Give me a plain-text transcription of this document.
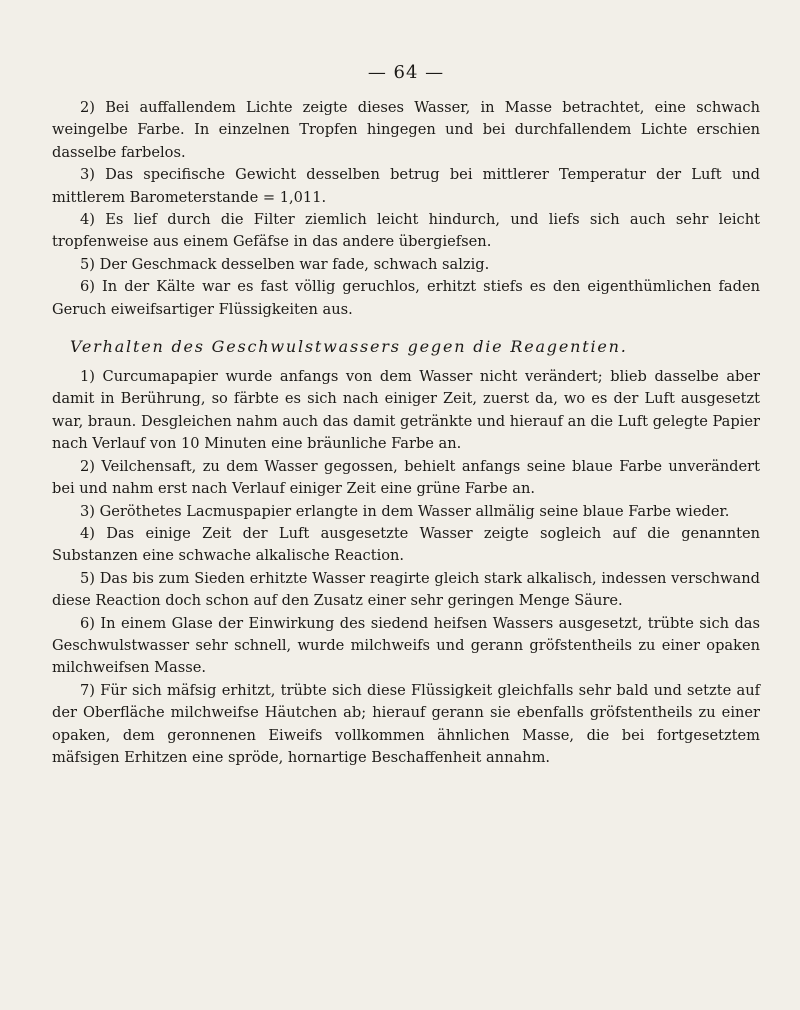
— 64 —

2) Bei auffallendem Lichte zeigte dieses Wasser, in Masse betrachtet, eine schwach weingelbe Farbe. In einzelnen Tropfen hingegen und bei durchfallendem Lichte erschien dasselbe farbelos.

3) Das specifische Gewicht desselben betrug bei mittlerer Temperatur der Luft und mittlerem Barometerstande = 1,011.

4) Es lief durch die Filter ziemlich leicht hindurch, und liefs sich auch sehr leicht tropfenweise aus einem Gefäfse in das andere übergiefsen.

5) Der Geschmack desselben war fade, schwach salzig.

6) In der Kälte war es fast völlig geruchlos, erhitzt stiefs es den eigenthümlichen faden Geruch eiweifsartiger Flüssigkeiten aus.

Verhalten des Geschwulstwassers gegen die Reagentien.

1) Curcumapapier wurde anfangs von dem Wasser nicht verändert; blieb dasselbe aber damit in Berührung, so färbte es sich nach einiger Zeit, zuerst da, wo es der Luft ausgesetzt war, braun. Desgleichen nahm auch das damit getränkte und hierauf an die Luft gelegte Papier nach Verlauf von 10 Minuten eine bräunliche Farbe an.

2) Veilchensaft, zu dem Wasser gegossen, behielt anfangs seine blaue Farbe unverändert bei und nahm erst nach Verlauf einiger Zeit eine grüne Farbe an.

3) Geröthetes Lacmuspapier erlangte in dem Wasser allmälig seine blaue Farbe wieder.

4) Das einige Zeit der Luft ausgesetzte Wasser zeigte sogleich auf die genannten Substanzen eine schwache alkalische Reaction.

5) Das bis zum Sieden erhitzte Wasser reagirte gleich stark alkalisch, indessen verschwand diese Reaction doch schon auf den Zusatz einer sehr geringen Menge Säure.

6) In einem Glase der Einwirkung des siedend heifsen Wassers ausgesetzt, trübte sich das Geschwulstwasser sehr schnell, wurde milchweifs und gerann gröfstentheils zu einer opaken milchweifsen Masse.

7) Für sich mäfsig erhitzt, trübte sich diese Flüssigkeit gleichfalls sehr bald und setzte auf der Oberfläche milchweifse Häutchen ab; hierauf gerann sie ebenfalls gröfstentheils zu einer opaken, dem geronnenen Eiweifs vollkommen ähnlichen Masse, die bei fortgesetztem mäfsigen Erhitzen eine spröde, hornartige Beschaffenheit annahm.
